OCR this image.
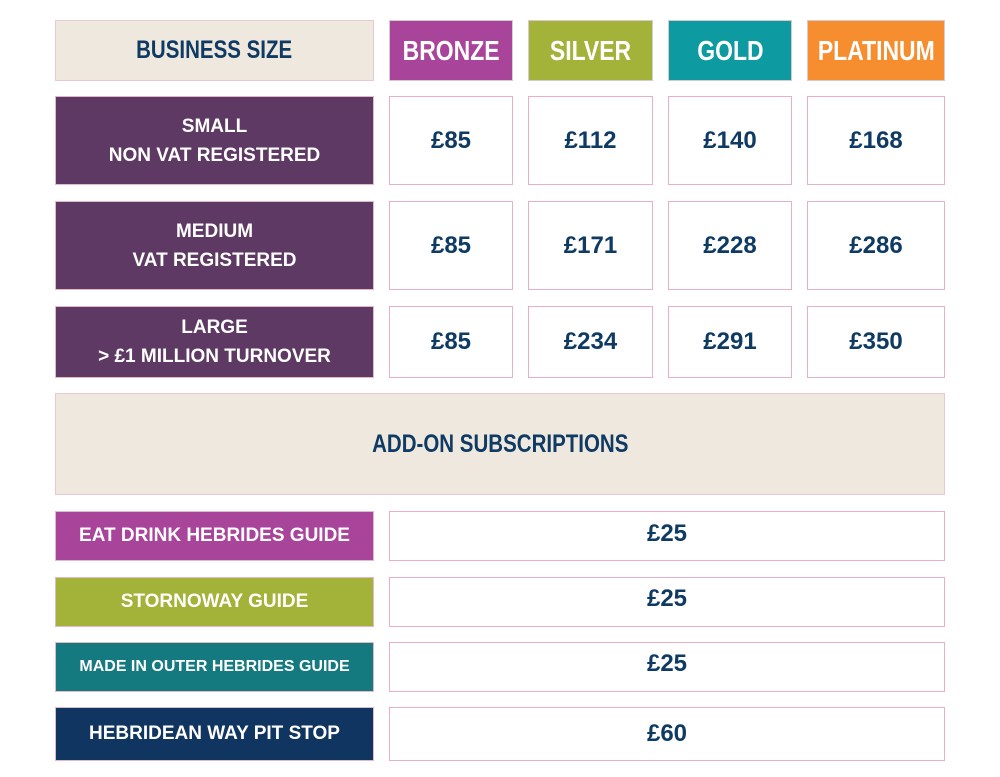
BUSINESS SIZE	BRONZE SILVER GOLD PLATINUM
SMALL
NON VAT REGISTERED
£85	£112	£140	£168
MEDIUM
VAT REGISTERED
£85	£171	£228	£286
LARGE
> £1 MILLION TURNOVER
£85	£234	£291	£350
ADD-ON SUBSCRIPTIONS
EAT DRINK HEBRIDES GUIDE	£25
STORNOWAY GUIDE	£25
MADE IN OUTER HEBRIDES GUIDE	£25
HEBRIDEAN WAY PIT STOP	£60
